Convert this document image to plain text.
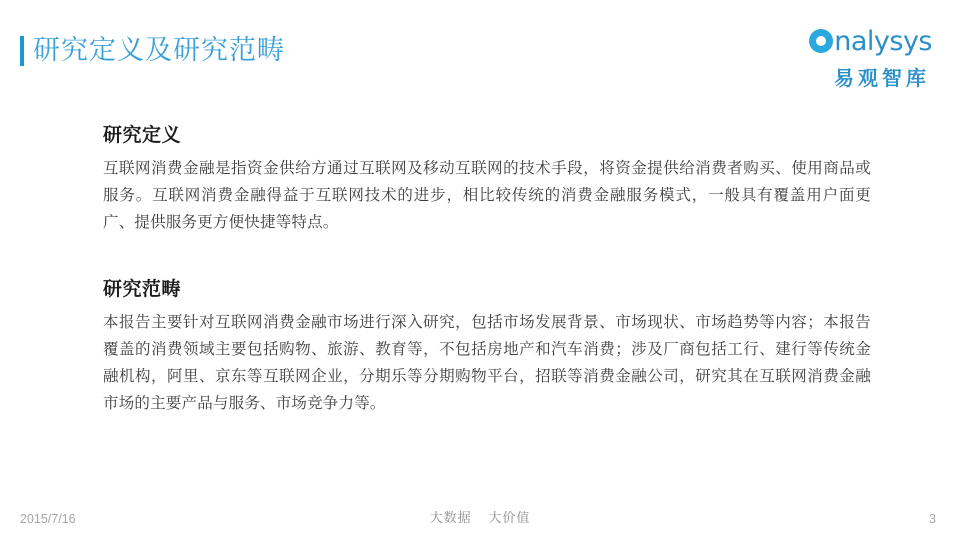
研究定义及研究范畴	nalysys
易观智库
研究定义
互联网消费金融是指资金供给方通过互联网及移动互联网的技术手段，将资金提供给消费者购买、使用商品或服务。互联网消费金融得益于互联网技术的进步，相比较传统的消费金融服务模式，一般具有覆盖用户面更广、提供服务更方便快捷等特点。
研究范畴
本报告主要针对互联网消费金融市场进行深入研究，包括市场发展背景、市场现状、市场趋势等内容；本报告覆盖的消费领域主要包括购物、旅游、教育等，不包括房地产和汽车消费；涉及厂商包括工行、建行等传统金融机构，阿里、京东等互联网企业，分期乐等分期购物平台，招联等消费金融公司，研究其在互联网消费金融市场的主要产品与服务、市场竞争力等。
2015/7/16	大数据 大价值	3
